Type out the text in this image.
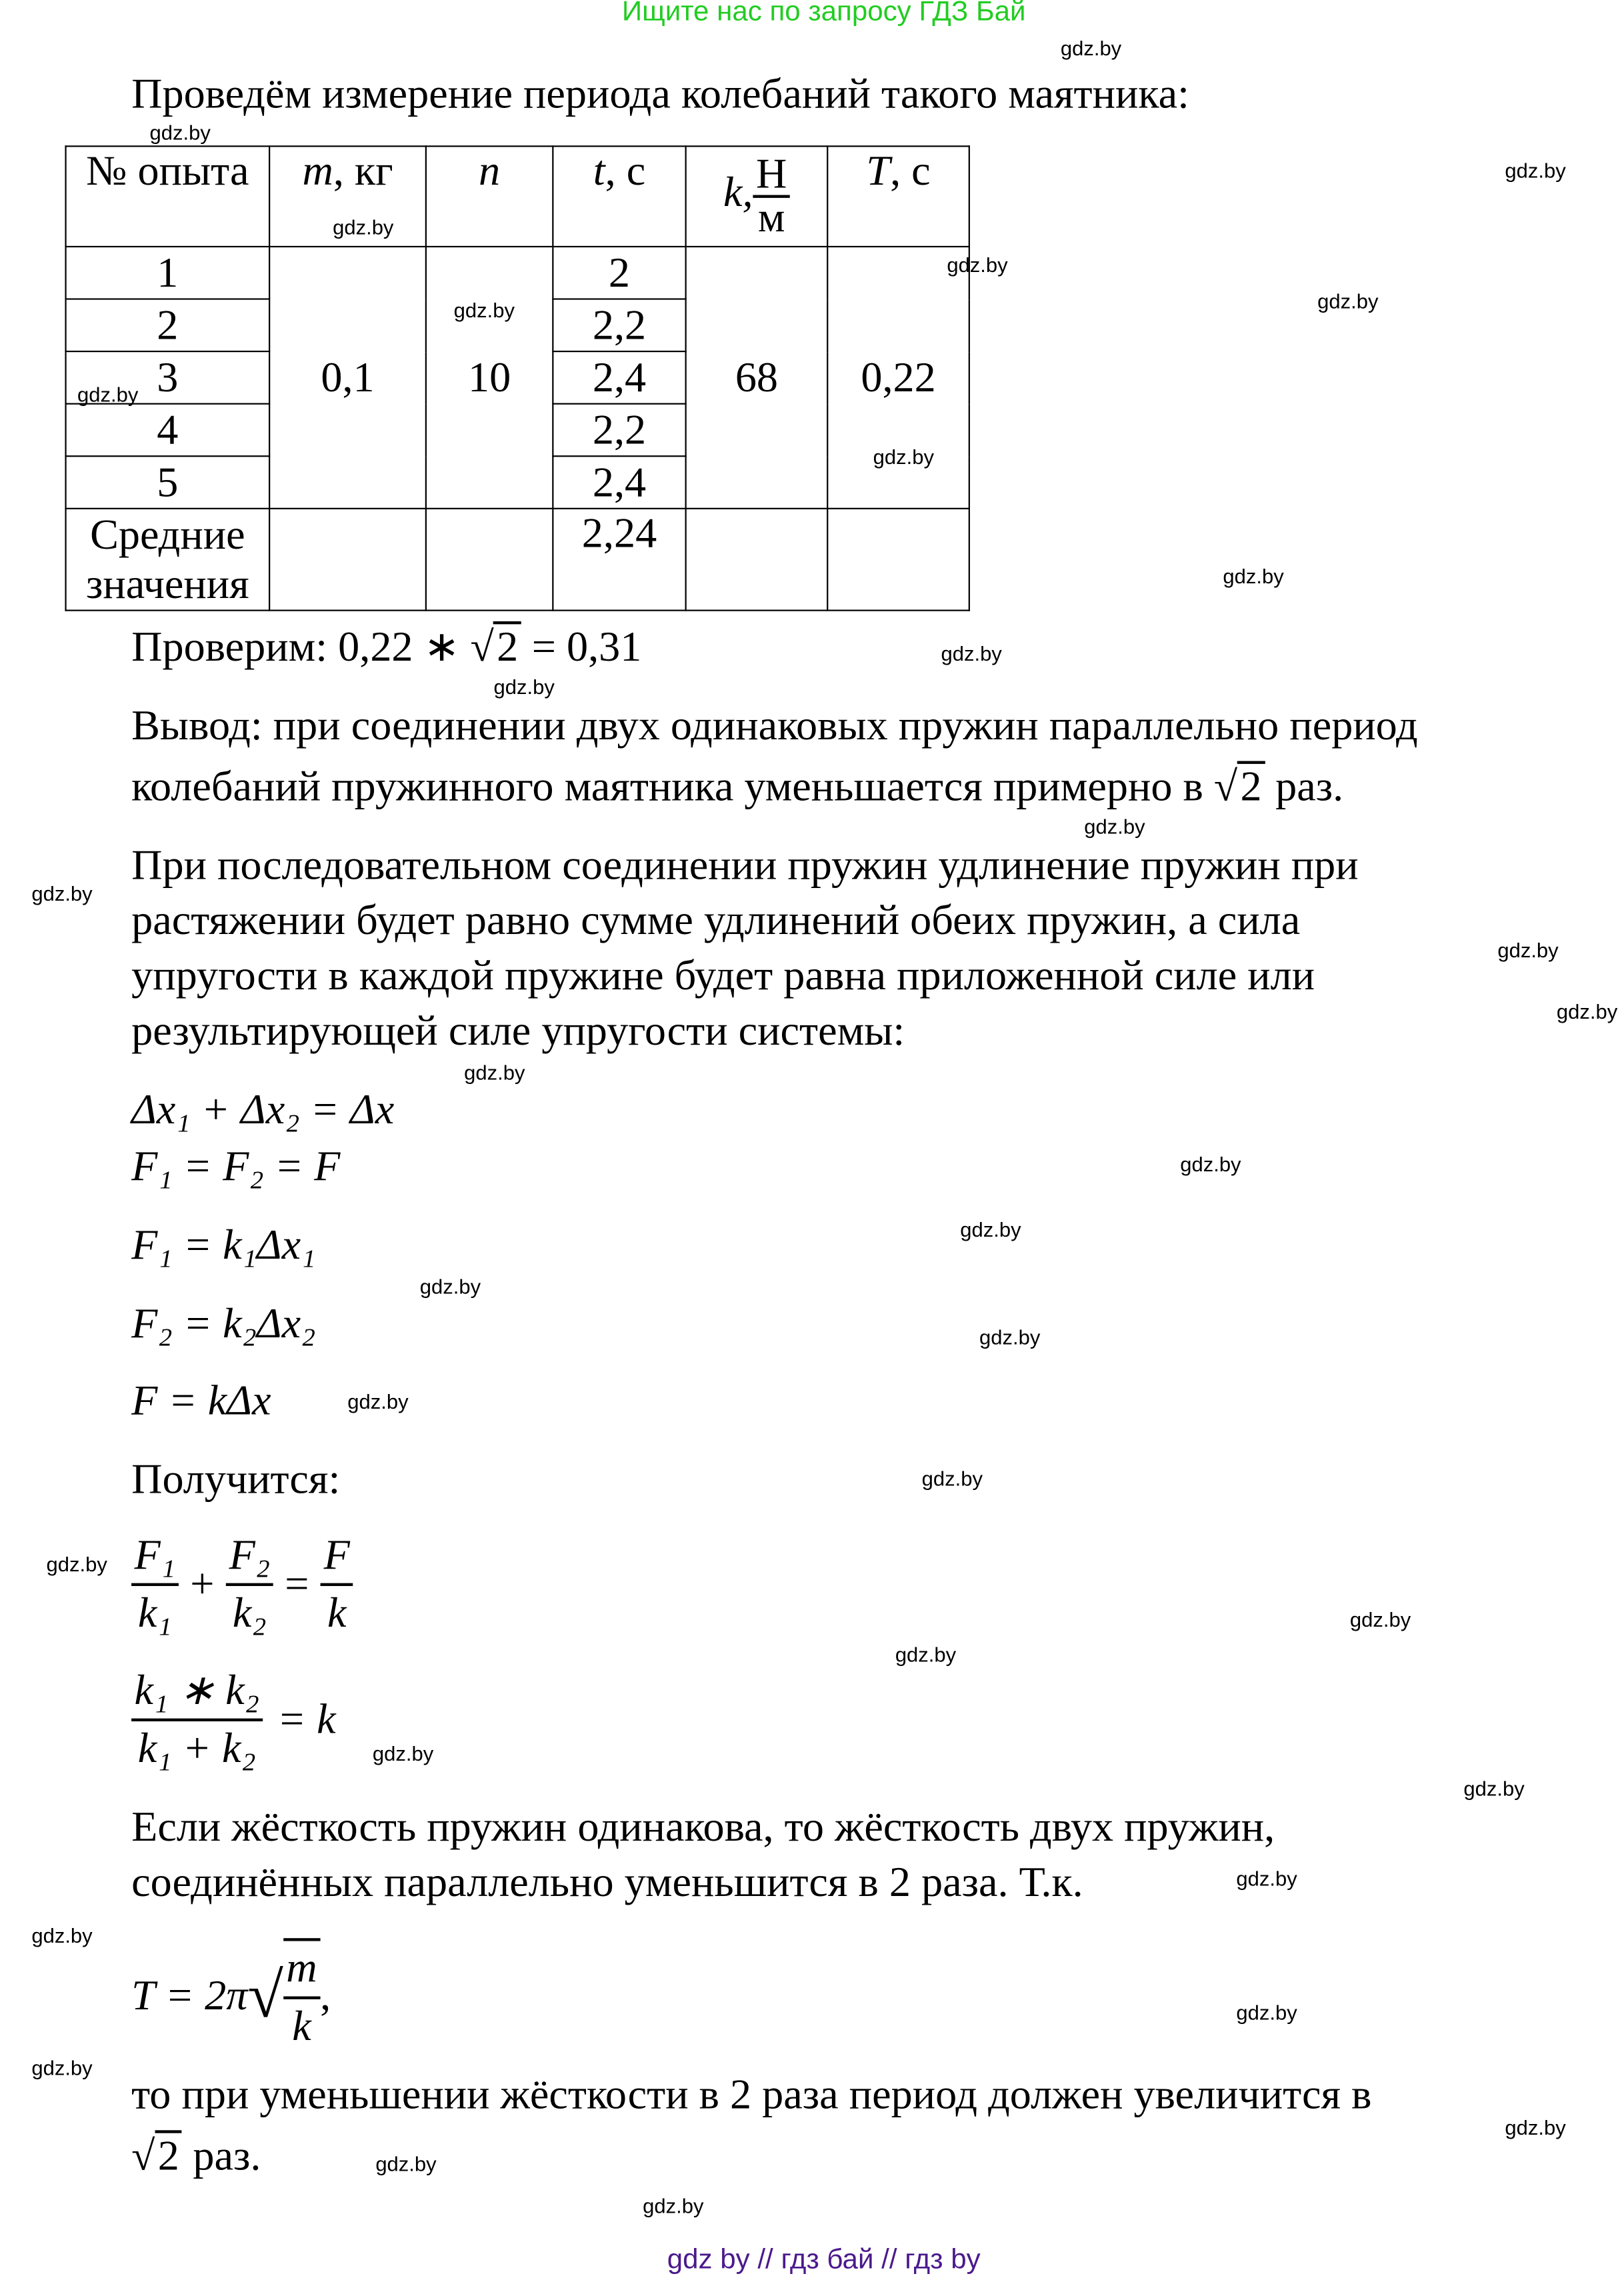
Ищите нас по запросу ГДЗ Бай
Проведём измерение периода колебаний такого маятника:
№ опыта	m, кг	n	t, с	k, $\frac{Н}{м}$	T, с
1	0,1	10	2	68	0,22
2			2,2		
3			2,4		
4			2,2		
5			2,4		
Средние
значения			2,24		
Проверим: 0,22 ∗ √ 2 = 0,31
Вывод: при соединении двух одинаковых пружин параллельно период
колебаний пружинного маятника уменьшается примерно в √ 2 раз.
При последовательном соединении пружин удлинение пружин при
растяжении будет равно сумме удлинений обеих пружин, а сила
упругости в каждой пружине будет равна приложенной силе или
результирующей силе упругости системы:
Δx₁ + Δx₂ = Δx
F₁ = F₂ = F
F₁ = k₁Δx₁
F₂ = k₂Δx₂
F = kΔx
Получится:
$\frac{\text{F₁}}{\text{k₁}} + \frac{\text{F₂}}{\text{k₂}} = \frac{F}{k}$
$\frac{\text{k₁ ∗ k₂}}{\text{k₁ + k₂}} = k$
Если жёсткость пружин одинакова, то жёсткость двух пружин,
соединённых параллельно уменьшится в 2 раза. Т.к.
T = 2π √ $\frac{m}{k}$ ,
то при уменьшении жёсткости в 2 раза период должен увеличится в
√ 2 раз.
gdz.by
gdz.by
gdz.by
gdz.by
gdz.by
gdz.by
gdz.by
gdz.by
gdz.by
gdz.by
gdz.by
gdz.by
gdz.by
gdz.by
gdz.by
gdz.by
gdz.by
gdz.by
gdz.by
gdz.by
gdz.by
gdz.by
gdz.by
gdz.by
gdz.by
gdz.by
gdz.by
gdz.by
gdz.by
gdz.by
gdz.by
gdz.by
gdz.by
gdz.by
gdz.by
gdz by // гдз бай // гдз by
